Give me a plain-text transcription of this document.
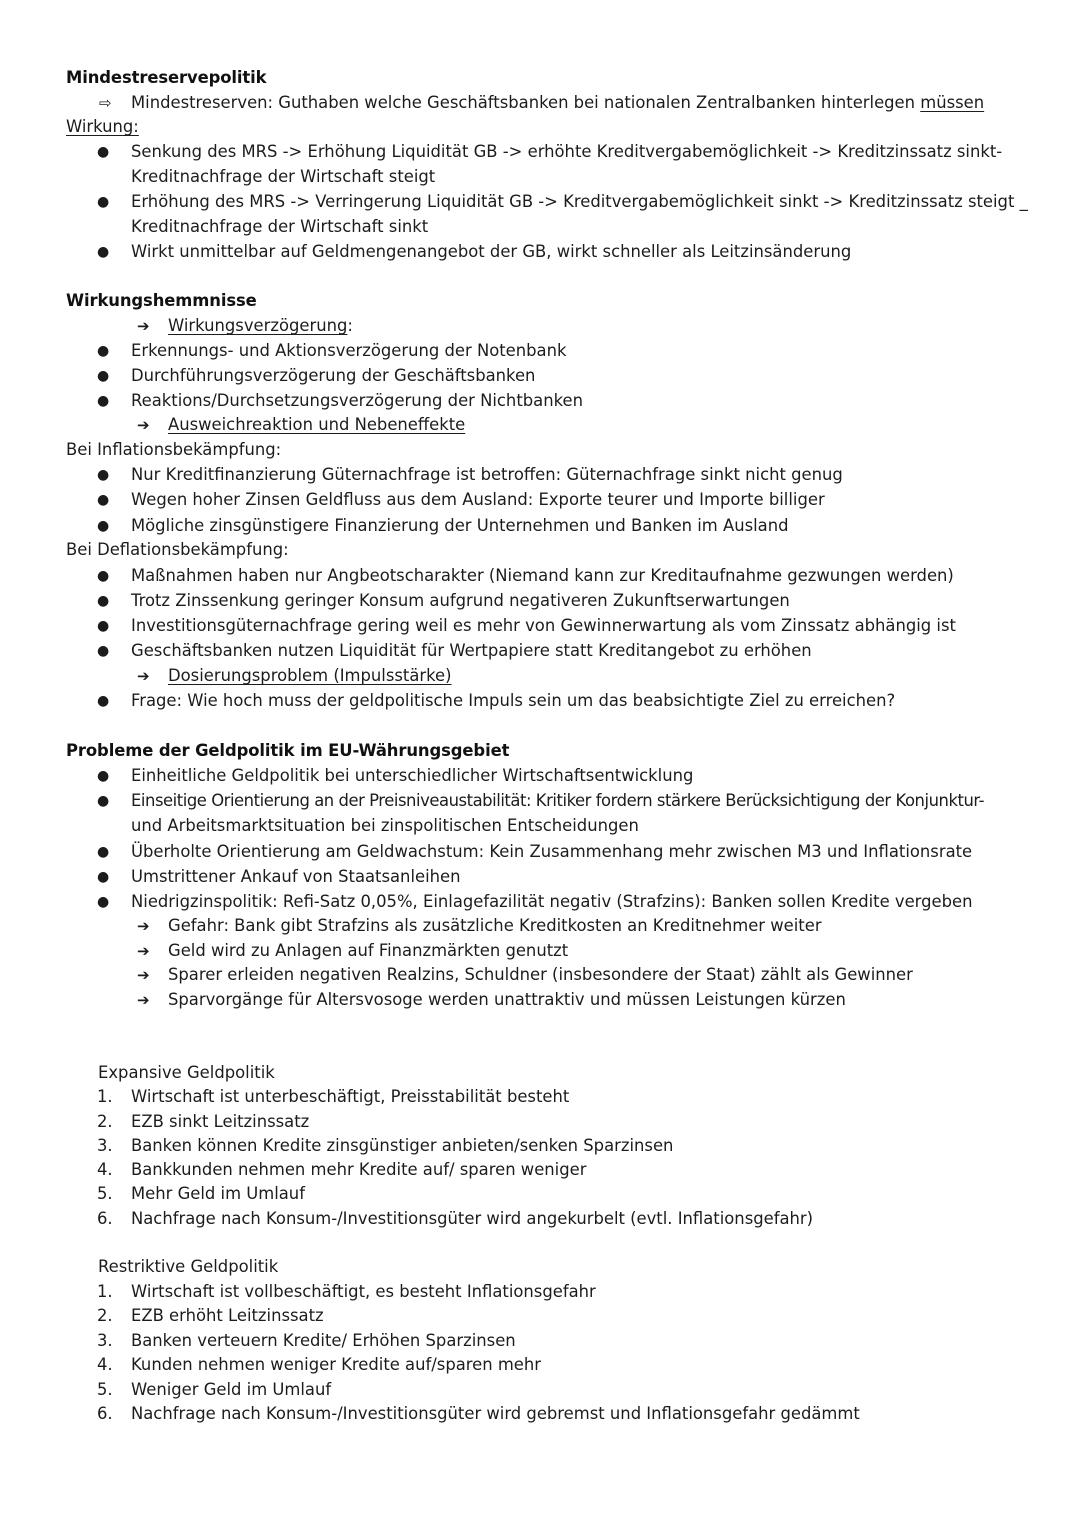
Mindestreservepolitik
⇨ Mindestreserven: Guthaben welche Geschäftsbanken bei nationalen Zentralbanken hinterlegen müssen
Wirkung:
● Senkung des MRS -> Erhöhung Liquidität GB -> erhöhte Kreditvergabemöglichkeit -> Kreditzinssatz sinkt-
Kreditnachfrage der Wirtschaft steigt
● Erhöhung des MRS -> Verringerung Liquidität GB -> Kreditvergabemöglichkeit sinkt -> Kreditzinssatz steigt _
Kreditnachfrage der Wirtschaft sinkt
● Wirkt unmittelbar auf Geldmengenangebot der GB, wirkt schneller als Leitzinsänderung
Wirkungshemmnisse
➔ Wirkungsverzögerung:
● Erkennungs- und Aktionsverzögerung der Notenbank
● Durchführungsverzögerung der Geschäftsbanken
● Reaktions/Durchsetzungsverzögerung der Nichtbanken
➔ Ausweichreaktion und Nebeneffekte
Bei Inflationsbekämpfung:
● Nur Kreditfinanzierung Güternachfrage ist betroffen: Güternachfrage sinkt nicht genug
● Wegen hoher Zinsen Geldfluss aus dem Ausland: Exporte teurer und Importe billiger
● Mögliche zinsgünstigere Finanzierung der Unternehmen und Banken im Ausland
Bei Deflationsbekämpfung:
● Maßnahmen haben nur Angbeotscharakter (Niemand kann zur Kreditaufnahme gezwungen werden)
● Trotz Zinssenkung geringer Konsum aufgrund negativeren Zukunftserwartungen
● Investitionsgüternachfrage gering weil es mehr von Gewinnerwartung als vom Zinssatz abhängig ist
● Geschäftsbanken nutzen Liquidität für Wertpapiere statt Kreditangebot zu erhöhen
➔ Dosierungsproblem (Impulsstärke)
● Frage: Wie hoch muss der geldpolitische Impuls sein um das beabsichtigte Ziel zu erreichen?
Probleme der Geldpolitik im EU-Währungsgebiet
● Einheitliche Geldpolitik bei unterschiedlicher Wirtschaftsentwicklung
● Einseitige Orientierung an der Preisniveaustabilität: Kritiker fordern stärkere Berücksichtigung der Konjunktur-
und Arbeitsmarktsituation bei zinspolitischen Entscheidungen
● Überholte Orientierung am Geldwachstum: Kein Zusammenhang mehr zwischen M3 und Inflationsrate
● Umstrittener Ankauf von Staatsanleihen
● Niedrigzinspolitik: Refi-Satz 0,05%, Einlagefazilität negativ (Strafzins): Banken sollen Kredite vergeben
➔ Gefahr: Bank gibt Strafzins als zusätzliche Kreditkosten an Kreditnehmer weiter
➔ Geld wird zu Anlagen auf Finanzmärkten genutzt
➔ Sparer erleiden negativen Realzins, Schuldner (insbesondere der Staat) zählt als Gewinner
➔ Sparvorgänge für Altersvosoge werden unattraktiv und müssen Leistungen kürzen
Expansive Geldpolitik
1. Wirtschaft ist unterbeschäftigt, Preisstabilität besteht
2. EZB sinkt Leitzinssatz
3. Banken können Kredite zinsgünstiger anbieten/senken Sparzinsen
4. Bankkunden nehmen mehr Kredite auf/ sparen weniger
5. Mehr Geld im Umlauf
6. Nachfrage nach Konsum-/Investitionsgüter wird angekurbelt (evtl. Inflationsgefahr)
Restriktive Geldpolitik
1. Wirtschaft ist vollbeschäftigt, es besteht Inflationsgefahr
2. EZB erhöht Leitzinssatz
3. Banken verteuern Kredite/ Erhöhen Sparzinsen
4. Kunden nehmen weniger Kredite auf/sparen mehr
5. Weniger Geld im Umlauf
6. Nachfrage nach Konsum-/Investitionsgüter wird gebremst und Inflationsgefahr gedämmt
